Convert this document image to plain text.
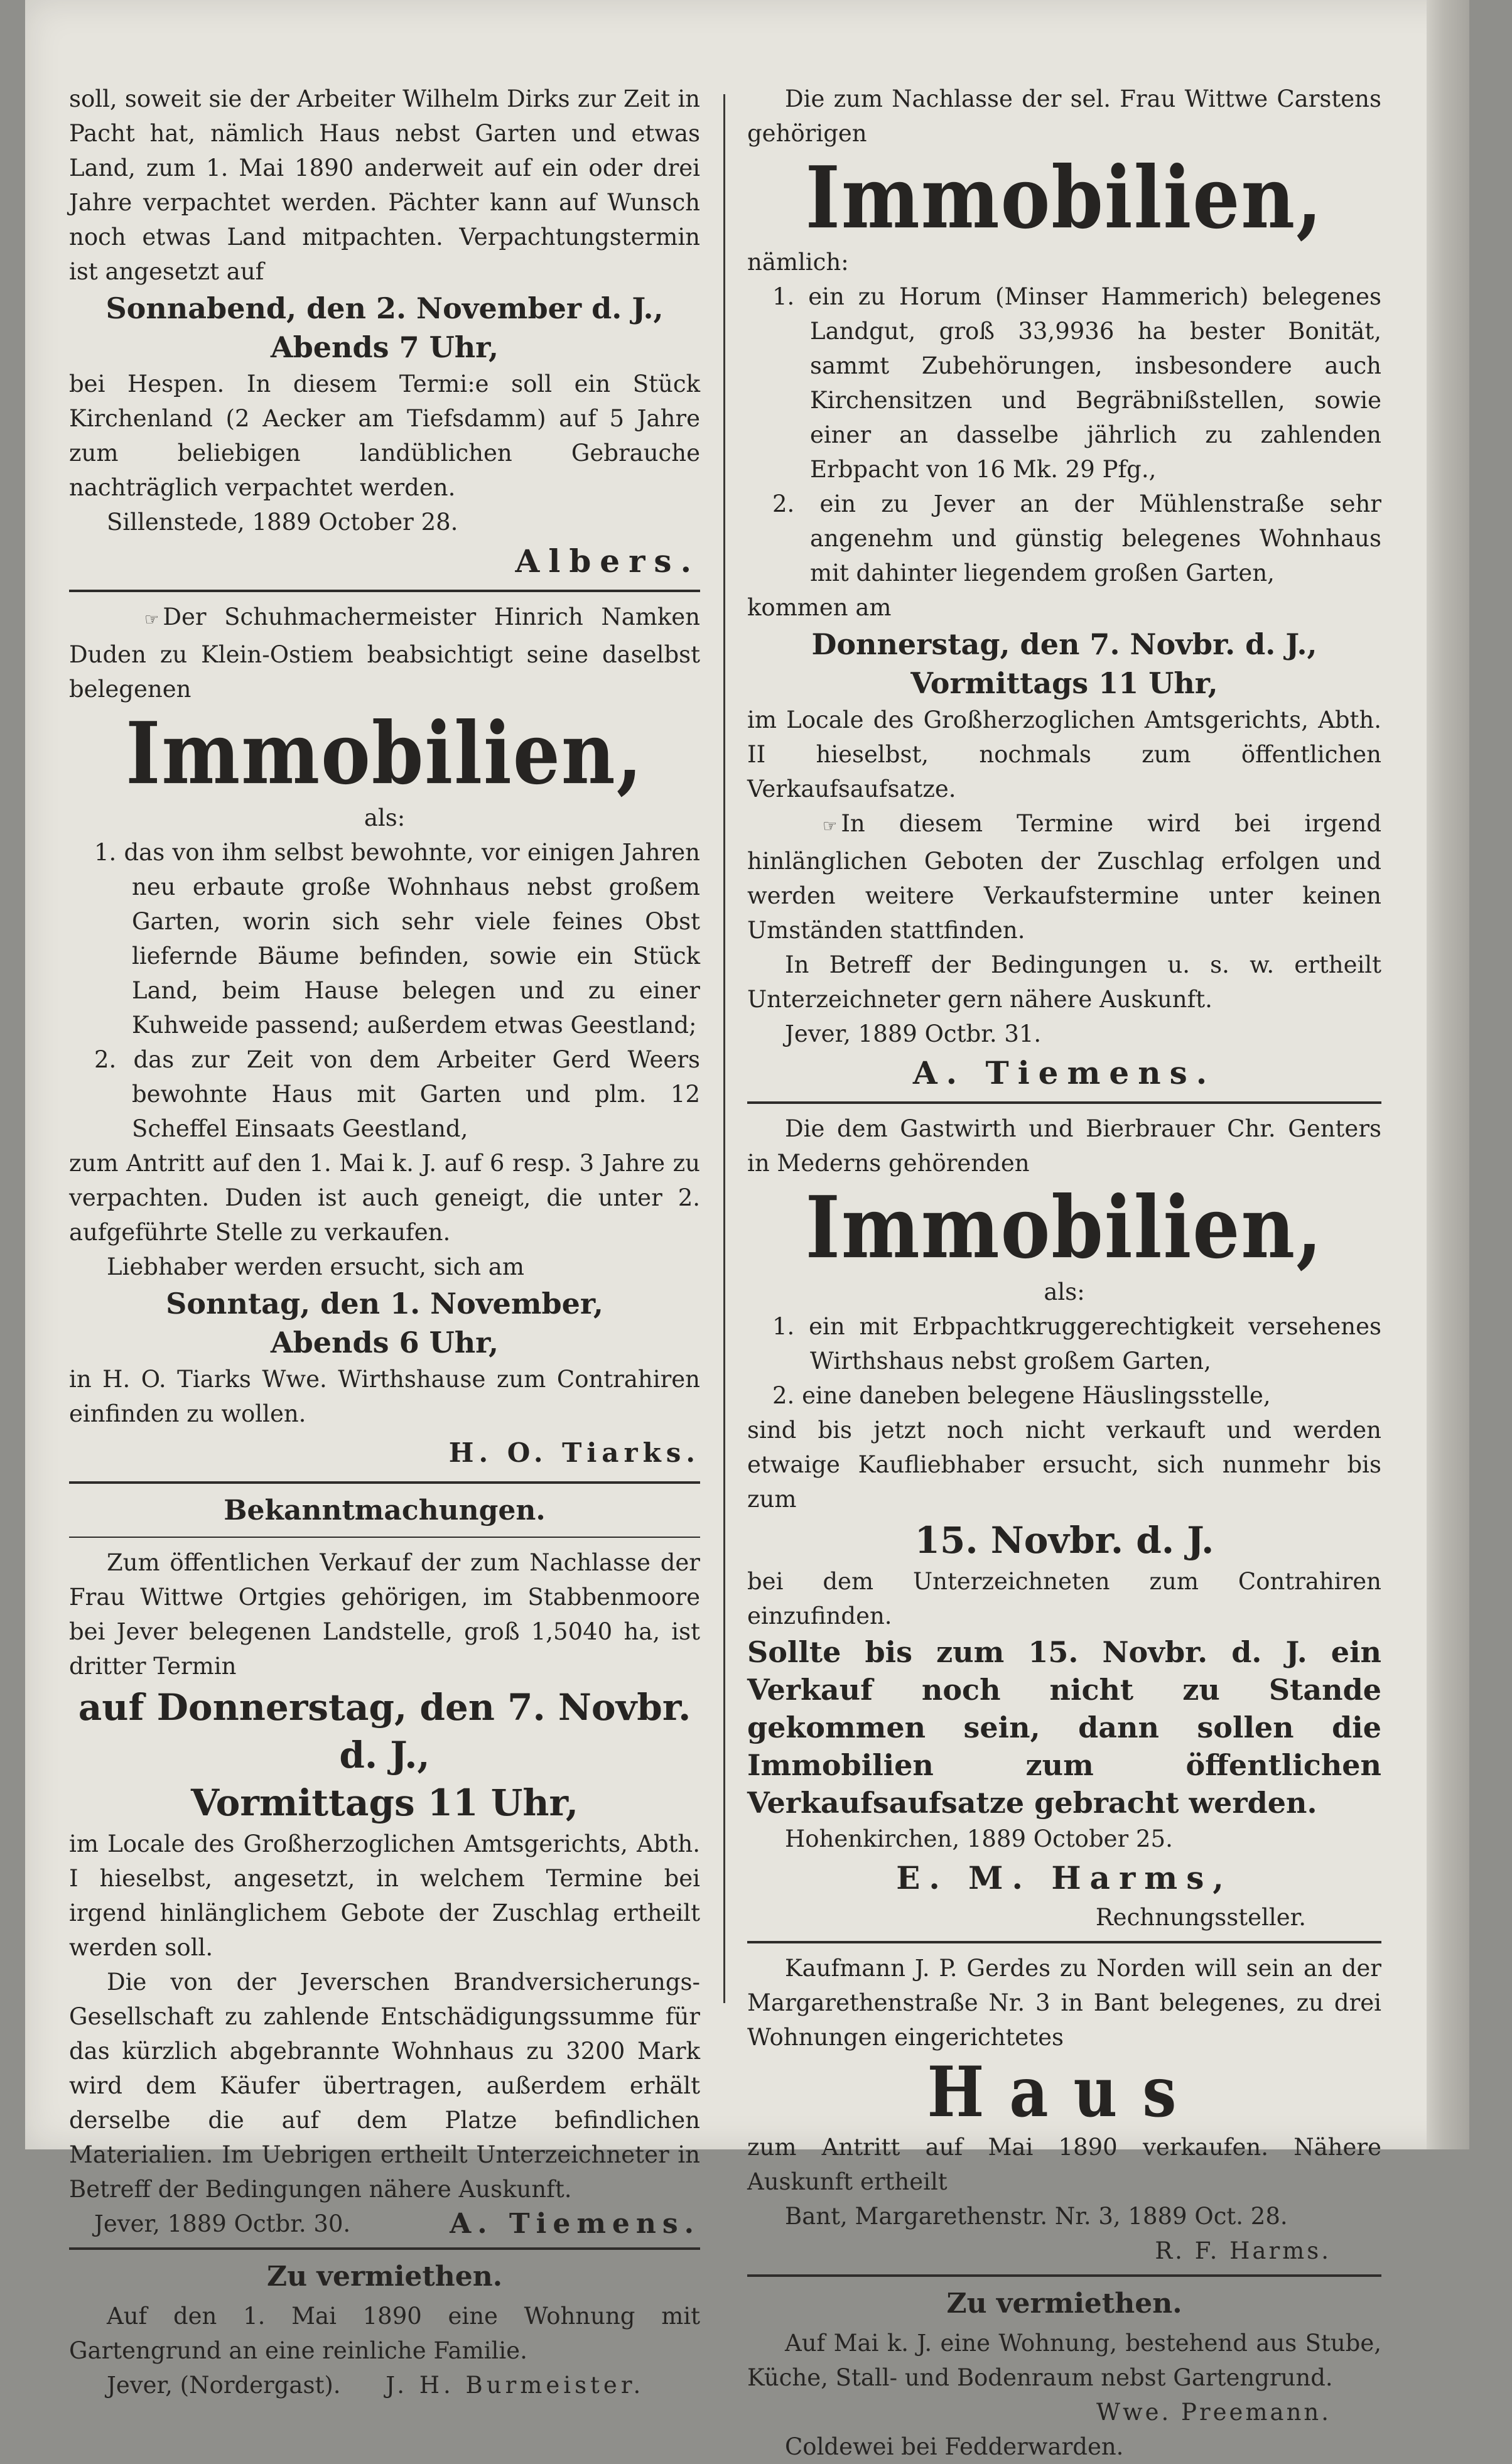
soll, soweit sie der Arbeiter Wilhelm Dirks zur Zeit in Pacht hat, nämlich Haus nebst Garten und etwas Land, zum 1. Mai 1890 anderweit auf ein oder drei Jahre verpachtet werden. Pächter kann auf Wunsch noch etwas Land mitpachten. Verpachtungstermin ist angesetzt auf

Sonnabend, den 2. November d. J.,

Abends 7 Uhr,

bei Hespen. In diesem Termi:e soll ein Stück Kirchenland (2 Aecker am Tiefsdamm) auf 5 Jahre zum beliebigen landüblichen Gebrauche nachträglich verpachtet werden.

Sillenstede, 1889 October 28.

Albers.

☞ Der Schuhmachermeister Hinrich Namken Duden zu Klein-Ostiem beabsichtigt seine daselbst belegenen

Immobilien,

als:

1. das von ihm selbst bewohnte, vor einigen Jahren neu erbaute große Wohnhaus nebst großem Garten, worin sich sehr viele feines Obst liefernde Bäume befinden, sowie ein Stück Land, beim Hause belegen und zu einer Kuhweide passend; außerdem etwas Geestland;
2. das zur Zeit von dem Arbeiter Gerd Weers bewohnte Haus mit Garten und plm. 12 Scheffel Einsaats Geestland,

zum Antritt auf den 1. Mai k. J. auf 6 resp. 3 Jahre zu verpachten. Duden ist auch geneigt, die unter 2. aufgeführte Stelle zu verkaufen.

Liebhaber werden ersucht, sich am

Sonntag, den 1. November,

Abends 6 Uhr,

in H. O. Tiarks Wwe. Wirthshause zum Contrahiren einfinden zu wollen.

H. O. Tiarks.

Bekanntmachungen.

Zum öffentlichen Verkauf der zum Nachlasse der Frau Wittwe Ortgies gehörigen, im Stabbenmoore bei Jever belegenen Landstelle, groß 1,5040 ha, ist dritter Termin

auf Donnerstag, den 7. Novbr. d. J.,

Vormittags 11 Uhr,

im Locale des Großherzoglichen Amtsgerichts, Abth. I hieselbst, angesetzt, in welchem Termine bei irgend hinlänglichem Gebote der Zuschlag ertheilt werden soll.

Die von der Jeverschen Brandversicherungs-Gesellschaft zu zahlende Entschädigungssumme für das kürzlich abgebrannte Wohnhaus zu 3200 Mark wird dem Käufer übertragen, außerdem erhält derselbe die auf dem Platze befindlichen Materialien. Im Uebrigen ertheilt Unterzeichneter in Betreff der Bedingungen nähere Auskunft.

Jever, 1889 Octbr. 30.	A. Tiemens.

Zu vermiethen.

Auf den 1. Mai 1890 eine Wohnung mit Gartengrund an eine reinliche Familie.

Jever, (Nordergast). J. H. Burmeister.

Die zum Nachlasse der sel. Frau Wittwe Carstens gehörigen

Immobilien,

nämlich:

1. ein zu Horum (Minser Hammerich) belegenes Landgut, groß 33,9936 ha bester Bonität, sammt Zubehörungen, insbesondere auch Kirchensitzen und Begräbnißstellen, sowie einer an dasselbe jährlich zu zahlenden Erbpacht von 16 Mk. 29 Pfg.,
2. ein zu Jever an der Mühlenstraße sehr angenehm und günstig belegenes Wohnhaus mit dahinter liegendem großen Garten,

kommen am

Donnerstag, den 7. Novbr. d. J.,

Vormittags 11 Uhr,

im Locale des Großherzoglichen Amtsgerichts, Abth. II hieselbst, nochmals zum öffentlichen Verkaufsaufsatze.

☞ In diesem Termine wird bei irgend hinlänglichen Geboten der Zuschlag erfolgen und werden weitere Verkaufstermine unter keinen Umständen stattfinden.

In Betreff der Bedingungen u. s. w. ertheilt Unterzeichneter gern nähere Auskunft.

Jever, 1889 Octbr. 31.

A. Tiemens.

Die dem Gastwirth und Bierbrauer Chr. Genters in Mederns gehörenden

Immobilien,

als:

1. ein mit Erbpachtkruggerechtigkeit versehenes Wirthshaus nebst großem Garten,
2. eine daneben belegene Häuslingsstelle,

sind bis jetzt noch nicht verkauft und werden etwaige Kaufliebhaber ersucht, sich nunmehr bis zum

15. Novbr. d. J.

bei dem Unterzeichneten zum Contrahiren einzufinden.

Sollte bis zum 15. Novbr. d. J. ein Verkauf noch nicht zu Stande gekommen sein, dann sollen die Immobilien zum öffentlichen Verkaufsaufsatze gebracht werden.

Hohenkirchen, 1889 October 25.

E. M. Harms,

Rechnungssteller.

Kaufmann J. P. Gerdes zu Norden will sein an der Margarethenstraße Nr. 3 in Bant belegenes, zu drei Wohnungen eingerichtetes

Haus

zum Antritt auf Mai 1890 verkaufen. Nähere Auskunft ertheilt

Bant, Margarethenstr. Nr. 3, 1889 Oct. 28.

R. F. Harms.

Zu vermiethen.

Auf Mai k. J. eine Wohnung, bestehend aus Stube, Küche, Stall- und Bodenraum nebst Gartengrund.

Wwe. Preemann.

Coldewei bei Fedderwarden.
